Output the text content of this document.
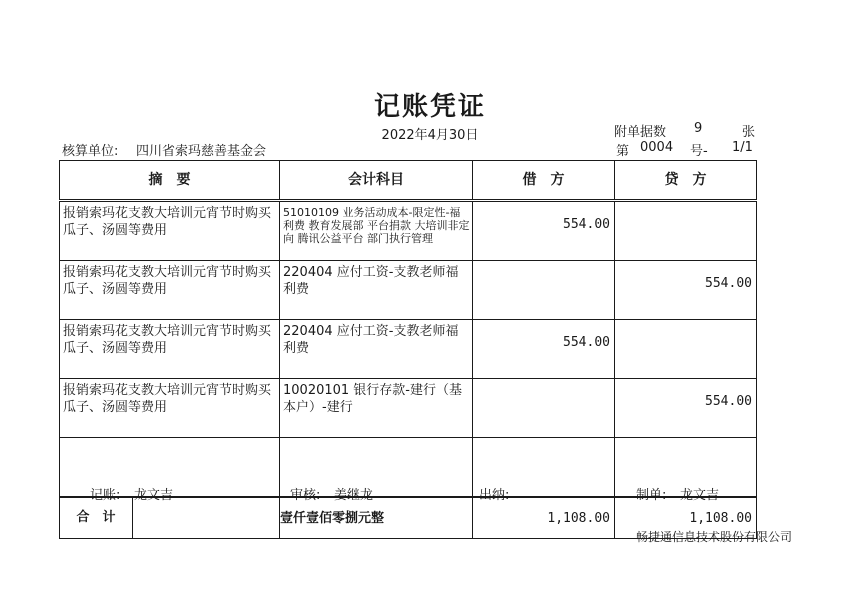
记账凭证
2022年4月30日	附单据数 9	张
核算单位: 四川省索玛慈善基金会	第 0004 号- 1/1
摘　要	会计科目	借　方	贷　方
报销索玛花支教大培训元宵节时购买瓜子、汤圆等费用	51010109 业务活动成本-限定性-福利费 教育发展部 平台捐款 大培训非定向 腾讯公益平台 部门执行管理	554.00	
报销索玛花支教大培训元宵节时购买瓜子、汤圆等费用	220404 应付工资-支教老师福利费		554.00
报销索玛花支教大培训元宵节时购买瓜子、汤圆等费用	220404 应付工资-支教老师福利费	554.00	
报销索玛花支教大培训元宵节时购买瓜子、汤圆等费用	10020101 银行存款-建行（基本户）-建行		554.00

合　计	壹仟壹佰零捌元整	1,108.00	1,108.00
记账: 龙文吉	审核: 姜继龙	出纳:	制单: 龙文吉
畅捷通信息技术股份有限公司
